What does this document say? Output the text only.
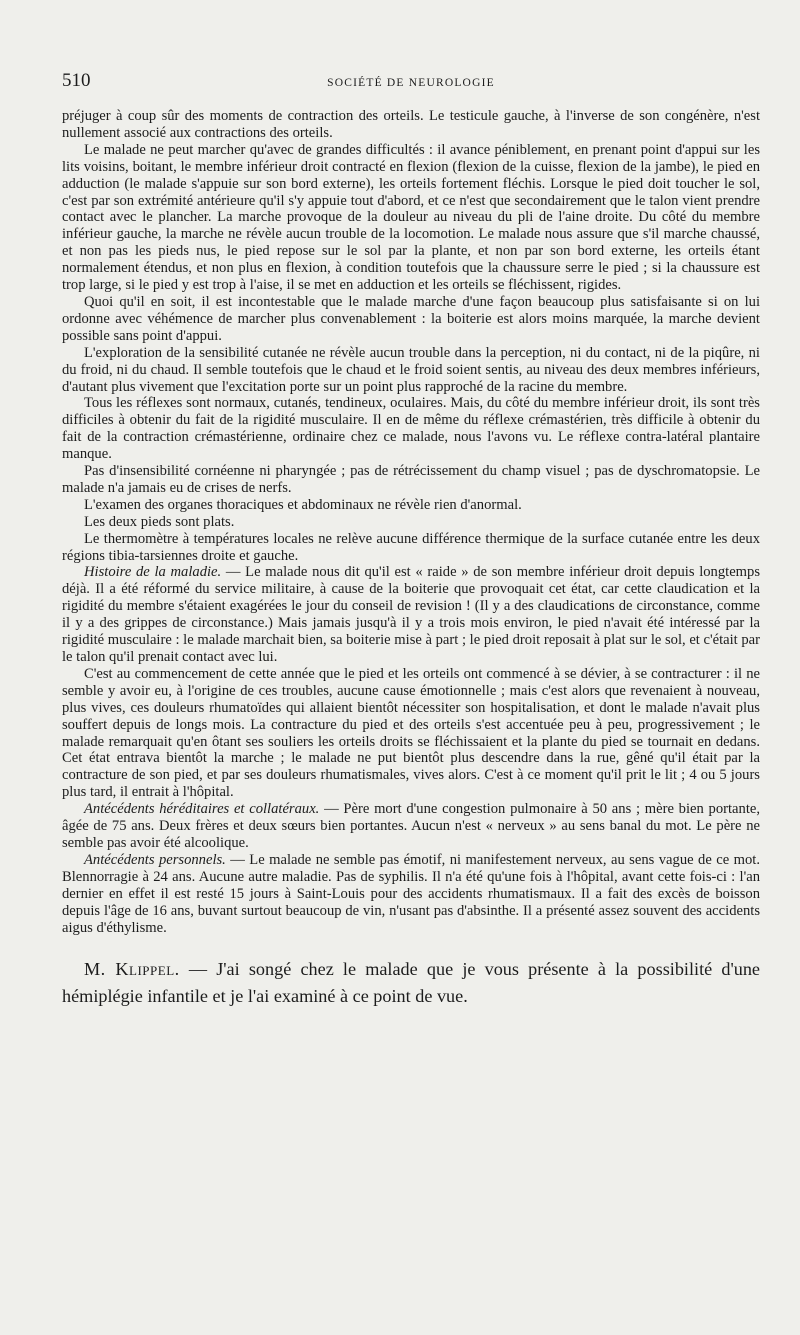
510	SOCIÉTÉ DE NEUROLOGIE

préjuger à coup sûr des moments de contraction des orteils. Le testicule gauche, à l'inverse de son congénère, n'est nullement associé aux contractions des orteils.

Le malade ne peut marcher qu'avec de grandes difficultés : il avance péniblement, en prenant point d'appui sur les lits voisins, boitant, le membre inférieur droit contracté en flexion (flexion de la cuisse, flexion de la jambe), le pied en adduction (le malade s'appuie sur son bord externe), les orteils fortement fléchis. Lorsque le pied doit toucher le sol, c'est par son extrémité antérieure qu'il s'y appuie tout d'abord, et ce n'est que secondairement que le talon vient prendre contact avec le plancher. La marche provoque de la douleur au niveau du pli de l'aine droite. Du côté du membre inférieur gauche, la marche ne révèle aucun trouble de la locomotion. Le malade nous assure que s'il marche chaussé, et non pas les pieds nus, le pied repose sur le sol par la plante, et non par son bord externe, les orteils étant normalement étendus, et non plus en flexion, à condition toutefois que la chaussure serre le pied ; si la chaussure est trop large, si le pied y est trop à l'aise, il se met en adduction et les orteils se fléchissent, rigides.

Quoi qu'il en soit, il est incontestable que le malade marche d'une façon beaucoup plus satisfaisante si on lui ordonne avec véhémence de marcher plus convenablement : la boiterie est alors moins marquée, la marche devient possible sans point d'appui.

L'exploration de la sensibilité cutanée ne révèle aucun trouble dans la perception, ni du contact, ni de la piqûre, ni du froid, ni du chaud. Il semble toutefois que le chaud et le froid soient sentis, au niveau des deux membres inférieurs, d'autant plus vivement que l'excitation porte sur un point plus rapproché de la racine du membre.

Tous les réflexes sont normaux, cutanés, tendineux, oculaires. Mais, du côté du membre inférieur droit, ils sont très difficiles à obtenir du fait de la rigidité musculaire. Il en de même du réflexe crémastérien, très difficile à obtenir du fait de la contraction crémastérienne, ordinaire chez ce malade, nous l'avons vu. Le réflexe contra-latéral plantaire manque.

Pas d'insensibilité cornéenne ni pharyngée ; pas de rétrécissement du champ visuel ; pas de dyschromatopsie. Le malade n'a jamais eu de crises de nerfs.

L'examen des organes thoraciques et abdominaux ne révèle rien d'anormal.

Les deux pieds sont plats.

Le thermomètre à températures locales ne relève aucune différence thermique de la surface cutanée entre les deux régions tibia-tarsiennes droite et gauche.

Histoire de la maladie. — Le malade nous dit qu'il est « raide » de son membre inférieur droit depuis longtemps déjà. Il a été réformé du service militaire, à cause de la boiterie que provoquait cet état, car cette claudication et la rigidité du membre s'étaient exagérées le jour du conseil de revision ! (Il y a des claudications de circonstance, comme il y a des grippes de circonstance.) Mais jamais jusqu'à il y a trois mois environ, le pied n'avait été intéressé par la rigidité musculaire : le malade marchait bien, sa boiterie mise à part ; le pied droit reposait à plat sur le sol, et c'était par le talon qu'il prenait contact avec lui.

C'est au commencement de cette année que le pied et les orteils ont commencé à se dévier, à se contracturer : il ne semble y avoir eu, à l'origine de ces troubles, aucune cause émotionnelle ; mais c'est alors que revenaient à nouveau, plus vives, ces douleurs rhumatoïdes qui allaient bientôt nécessiter son hospitalisation, et dont le malade n'avait plus souffert depuis de longs mois. La contracture du pied et des orteils s'est accentuée peu à peu, progressivement ; le malade remarquait qu'en ôtant ses souliers les orteils droits se fléchissaient et la plante du pied se tournait en dedans. Cet état entrava bientôt la marche ; le malade ne put bientôt plus descendre dans la rue, gêné qu'il était par la contracture de son pied, et par ses douleurs rhumatismales, vives alors. C'est à ce moment qu'il prit le lit ; 4 ou 5 jours plus tard, il entrait à l'hôpital.

Antécédents héréditaires et collatéraux. — Père mort d'une congestion pulmonaire à 50 ans ; mère bien portante, âgée de 75 ans. Deux frères et deux sœurs bien portantes. Aucun n'est « nerveux » au sens banal du mot. Le père ne semble pas avoir été alcoolique.

Antécédents personnels. — Le malade ne semble pas émotif, ni manifestement nerveux, au sens vague de ce mot. Blennorragie à 24 ans. Aucune autre maladie. Pas de syphilis. Il n'a été qu'une fois à l'hôpital, avant cette fois-ci : l'an dernier en effet il est resté 15 jours à Saint-Louis pour des accidents rhumatismaux. Il a fait des excès de boisson depuis l'âge de 16 ans, buvant surtout beaucoup de vin, n'usant pas d'absinthe. Il a présenté assez souvent des accidents aigus d'éthylisme.

M. Klippel. — J'ai songé chez le malade que je vous présente à la possibilité d'une hémiplégie infantile et je l'ai examiné à ce point de vue.
